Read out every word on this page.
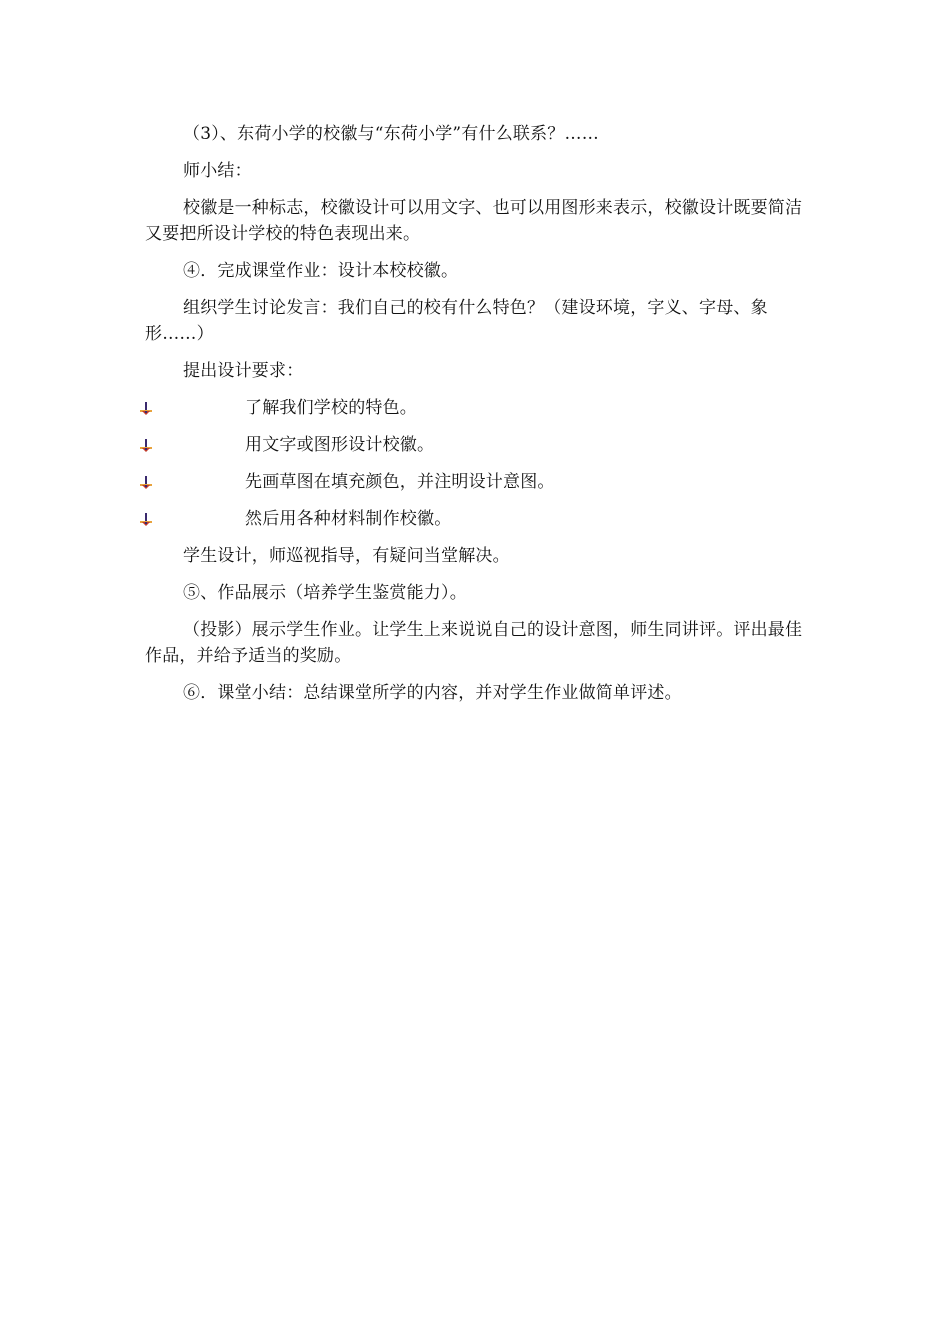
（3）、东荷小学的校徽与“东荷小学”有什么联系？……

师小结：

校徽是一种标志，校徽设计可以用文字、也可以用图形来表示，校徽设计既要简洁又要把所设计学校的特色表现出来。

④．完成课堂作业：设计本校校徽。

组织学生讨论发言：我们自己的校有什么特色？（建设环境，字义、字母、象形……）

提出设计要求：

了解我们学校的特色。
用文字或图形设计校徽。
先画草图在填充颜色，并注明设计意图。
然后用各种材料制作校徽。

学生设计，师巡视指导，有疑问当堂解决。

⑤、作品展示（培养学生鉴赏能力）。

（投影）展示学生作业。让学生上来说说自己的设计意图，师生同讲评。评出最佳作品，并给予适当的奖励。

⑥．课堂小结：总结课堂所学的内容，并对学生作业做简单评述。
